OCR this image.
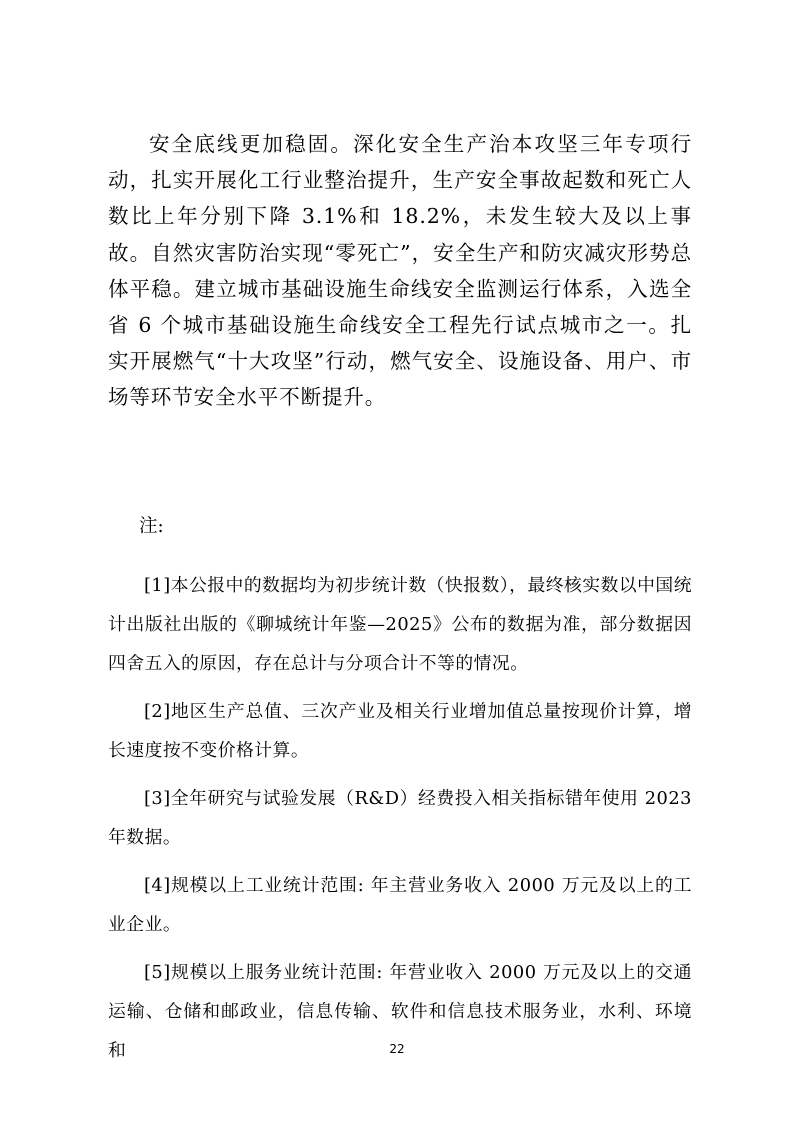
安全底线更加稳固。深化安全生产治本攻坚三年专项行动，扎实开展化工行业整治提升，生产安全事故起数和死亡人数比上年分别下降 3.1%和 18.2%，未发生较大及以上事故。自然灾害防治实现“零死亡”，安全生产和防灾减灾形势总体平稳。建立城市基础设施生命线安全监测运行体系，入选全省 6 个城市基础设施生命线安全工程先行试点城市之一。扎实开展燃气“十大攻坚”行动，燃气安全、设施设备、用户、市场等环节安全水平不断提升。

注:

[1]本公报中的数据均为初步统计数（快报数），最终核实数以中国统计出版社出版的《聊城统计年鉴—2025》公布的数据为准，部分数据因四舍五入的原因，存在总计与分项合计不等的情况。

[2]地区生产总值、三次产业及相关行业增加值总量按现价计算，增长速度按不变价格计算。

[3]全年研究与试验发展（R&D）经费投入相关指标错年使用 2023 年数据。

[4]规模以上工业统计范围: 年主营业务收入 2000 万元及以上的工业企业。

[5]规模以上服务业统计范围: 年营业收入 2000 万元及以上的交通运输、仓储和邮政业，信息传输、软件和信息技术服务业，水利、环境和	22
